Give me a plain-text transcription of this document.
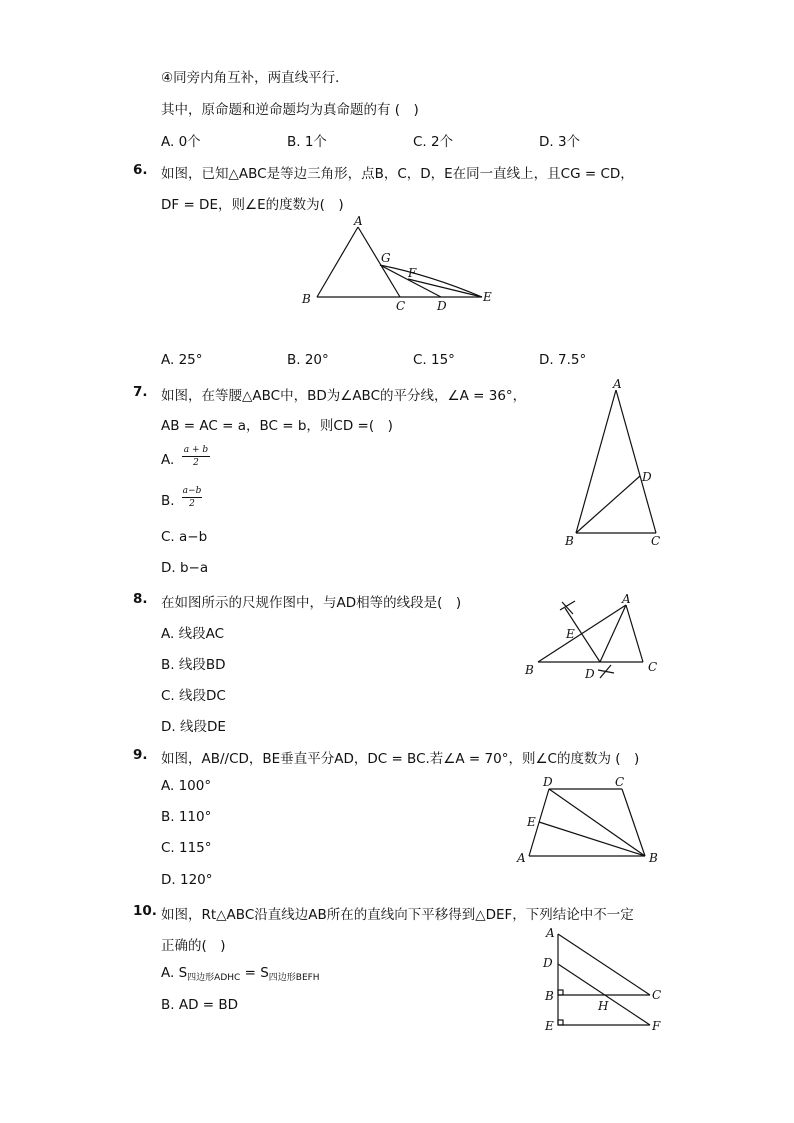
④同旁内角互补，两直线平行．
其中，原命题和逆命题均为真命题的有 (　)
A. 0个	B. 1个	C. 2个	D. 3个
6. 如图，已知△ABC是等边三角形，点B，C，D，E在同一直线上，且CG = CD，
DF = DE，则∠E的度数为(　)
A
G
F
B	C	D
E
A. 25°	B. 20°	C. 15°	D. 7.5°
7. 如图，在等腰△ABC中，BD为∠ABC的平分线，∠A = 36°，
AB = AC = a，BC = b，则CD =(　)
A.
a + b
2
B.
a−b
2
C. a−b
D. b−a
A
D
B	C
8. 在如图所示的尺规作图中，与AD相等的线段是(　)
A. 线段AC
B. 线段BD
C. 线段DC
D. 线段DE
A
E
B	D	C
9. 如图，AB//CD，BE垂直平分AD，DC = BC.若∠A = 70°，则∠C的度数为 (　)
A. 100°
B. 110°
C. 115°
D. 120°
D	C
E
A	B
10. 如图，Rt△ABC沿直线边AB所在的直线向下平移得到△DEF，下列结论中不一定
正确的(　)
A. $S_{四边形ADHC} = S_{四边形BEFH}$
B. AD = BD
A
D
B
H
C
E	F
